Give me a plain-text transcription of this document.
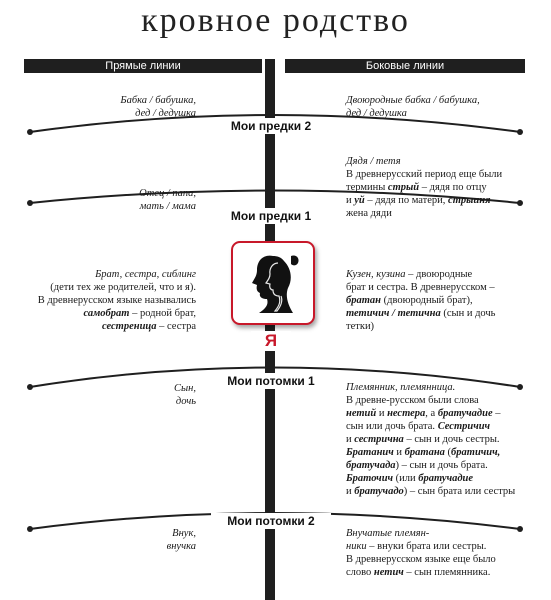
кровное родство
Прямые линии	Боковые линии
Мои предки 2
Мои предки 1
Мои потомки 1
Мои потомки 2
Я
Бабка / бабушка,
дед / дедушка
Отец / папа,
мать / мама
Брат, сестра, сиблинг
(дети тех же родителей, что и я).
В древнерусском языке назывались
самобрат – родной брат,
сестреница – сестра
Сын,
дочь
Внук,
внучка
Двоюродные бабка / бабушка,
дед / дедушка
Дядя / тетя
В древнерусский период еще были
термины стрый – дядя по отцу
и уй – дядя по матери, стрыиня –
жена дяди
Кузен, кузина – двоюродные
брат и сестра. В древнерусском –
братан (двоюродный брат),
тетичич / тетична (сын и дочь
тетки)
Племянник, племянница.
В древне-русском были слова
нетий и нестера, а братучадие –
сын или дочь брата. Сестричич
и сестрична – сын и дочь сестры.
Братанич и братана (братичич,
братучада) – сын и дочь брата.
Браточич (или братучадие
и братучадо) – сын брата или сестры
Внучатые племян-
ники – внуки брата или сестры.
В древнерусском языке еще было
слово нетич – сын племянника.
